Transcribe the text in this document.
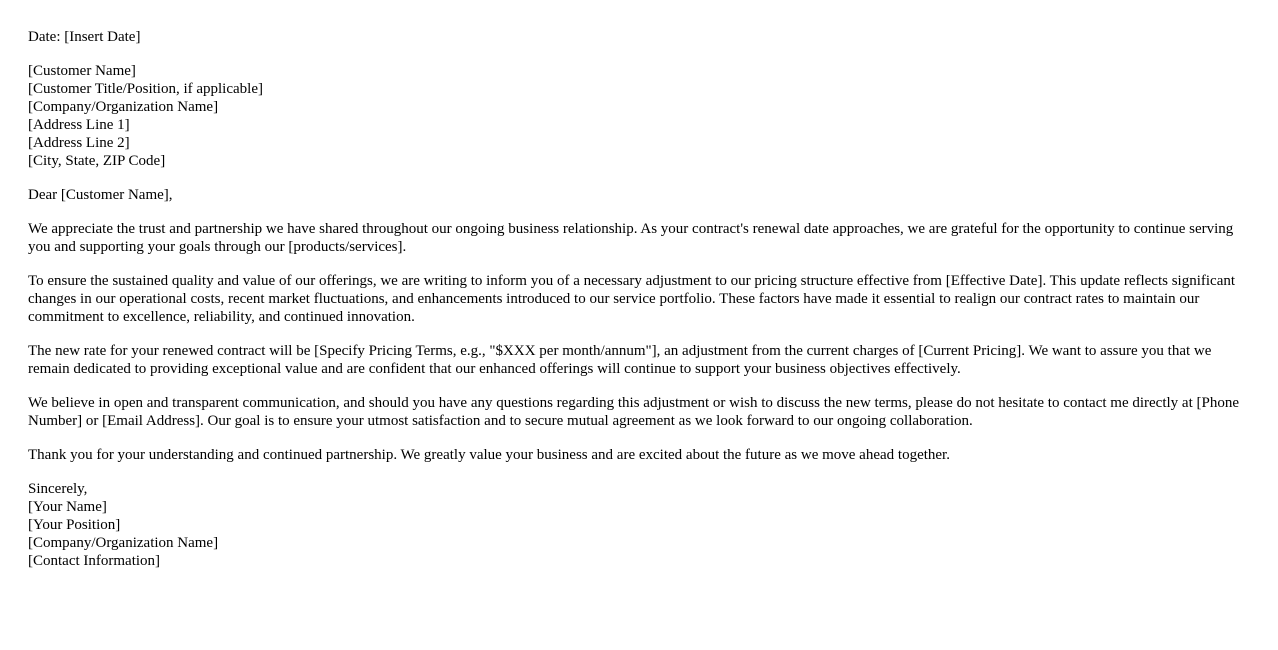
Date: [Insert Date]
[Customer Name]
[Customer Title/Position, if applicable]
[Company/Organization Name]
[Address Line 1]
[Address Line 2]
[City, State, ZIP Code]
Dear [Customer Name],

We appreciate the trust and partnership we have shared throughout our ongoing business relationship. As your contract's renewal date approaches, we are grateful for the opportunity to continue serving you and supporting your goals through our [products/services].

To ensure the sustained quality and value of our offerings, we are writing to inform you of a necessary adjustment to our pricing structure effective from [Effective Date]. This update reflects significant changes in our operational costs, recent market fluctuations, and enhancements introduced to our service portfolio. These factors have made it essential to realign our contract rates to maintain our commitment to excellence, reliability, and continued innovation.

The new rate for your renewed contract will be [Specify Pricing Terms, e.g., "$XXX per month/annum"], an adjustment from the current charges of [Current Pricing]. We want to assure you that we remain dedicated to providing exceptional value and are confident that our enhanced offerings will continue to support your business objectives effectively.

We believe in open and transparent communication, and should you have any questions regarding this adjustment or wish to discuss the new terms, please do not hesitate to contact me directly at [Phone Number] or [Email Address]. Our goal is to ensure your utmost satisfaction and to secure mutual agreement as we look forward to our ongoing collaboration.

Thank you for your understanding and continued partnership. We greatly value your business and are excited about the future as we move ahead together.

Sincerely,
[Your Name]
[Your Position]
[Company/Organization Name]
[Contact Information]
